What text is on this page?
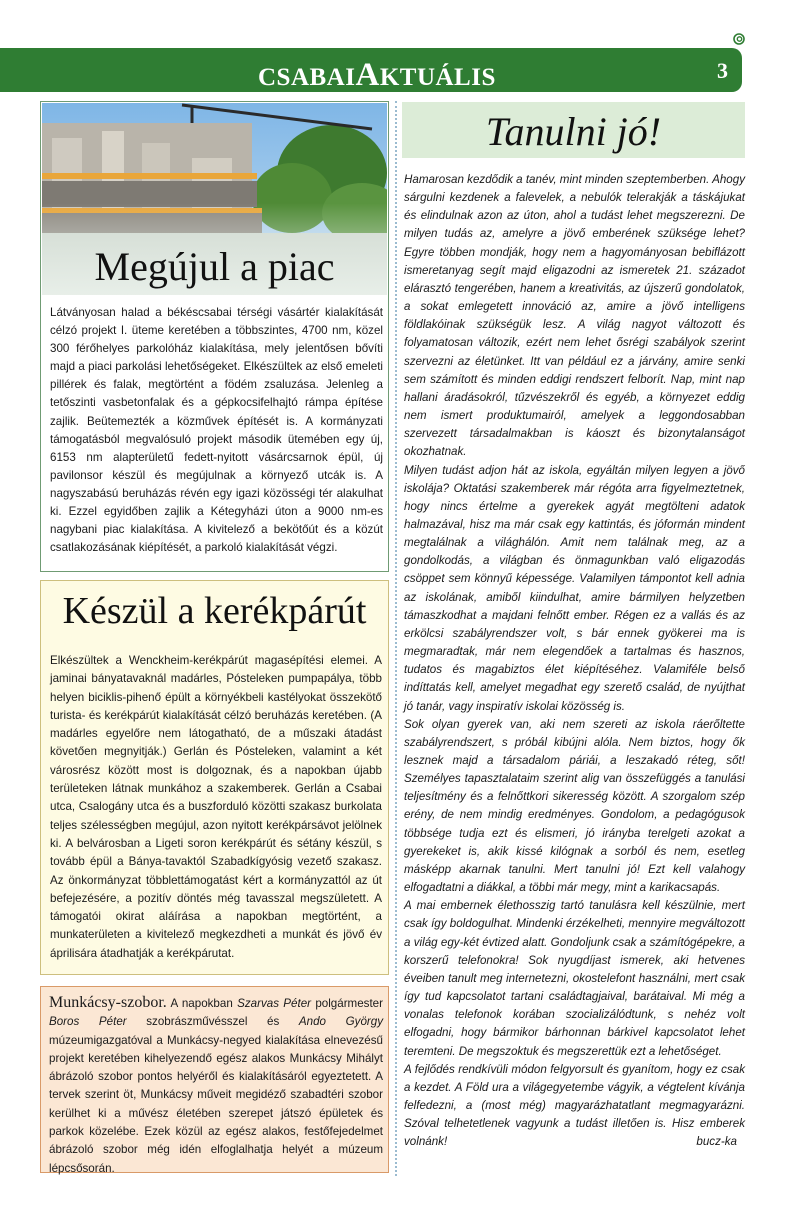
CSABAIAKTUÁLIS	3
Megújul a piac
Látványosan halad a békéscsabai térségi vásártér kialakítását célzó projekt I. üteme keretében a többszintes, 4700 nm, közel 300 férőhelyes parkolóház kialakítása, mely jelentősen bővíti majd a piaci parkolási lehetőségeket. Elkészültek az első emeleti pillérek és falak, megtörtént a födém zsaluzása. Jelenleg a tetőszinti vasbetonfalak és a gépkocsifelhajtó rámpa építése zajlik. Beütemezték a közművek építését is. A kormányzati támogatásból megvalósuló projekt második ütemében egy új, 6153 nm alapterületű fedett-nyitott vásárcsarnok épül, új pavilonsor készül és megújulnak a környező utcák is. A nagyszabású beruházás révén egy igazi közösségi tér alakulhat ki. Ezzel egyidőben zajlik a Kétegyházi úton a 9000 nm-es nagybani piac kialakítása. A kivitelező a bekötőút és a közút csatlakozásának kiépítését, a parkoló kialakítását végzi.
Készül a kerékpárút
Elkészültek a Wenckheim-kerékpárút magasépítési elemei. A jaminai bányatavaknál madárles, Pósteleken pumpapálya, több helyen biciklis-pihenő épült a környékbeli kastélyokat összekötő turista- és kerékpárút kialakítását célzó beruházás keretében. (A madárles egyelőre nem látogatható, de a műszaki átadást követően megnyitják.) Gerlán és Pósteleken, valamint a két városrész között most is dolgoznak, és a napokban újabb területeken látnak munkához a szakemberek. Gerlán a Csabai utca, Csalogány utca és a buszforduló közötti szakasz burkolata teljes szélességben megújul, azon nyitott kerékpársávot jelölnek ki. A belvárosban a Ligeti soron kerékpárút és sétány készül, s tovább épül a Bánya-tavaktól Szabadkígyósig vezető szakasz. Az önkormányzat többlettámogatást kért a kormányzattól az út befejezésére, a pozitív döntés még tavasszal megszületett. A támogatói okirat aláírása a napokban megtörtént, a munkaterületen a kivitelező megkezdheti a munkát és jövő év áprilisára átadhatják a kerékpárutat.
Munkácsy-szobor. A napokban Szarvas Péter polgármester Boros Péter szobrászművésszel és Ando György múzeumigazgatóval a Munkácsy-negyed kialakítása elnevezésű projekt keretében kihelyezendő egész alakos Munkácsy Mihályt ábrázoló szobor pontos helyéről és kialakításáról egyeztetett. A tervek szerint öt, Munkácsy műveit megidéző szabadtéri szobor kerülhet ki a művész életében szerepet játszó épületek és parkok közelébe. Ezek közül az egész alakos, festőfejedelmet ábrázoló szobor még idén elfoglalhatja helyét a múzeum lépcsősorán.
Tanulni jó!

Hamarosan kezdődik a tanév, mint minden szeptemberben. Ahogy sárgulni kezdenek a falevelek, a nebulók telerakják a táskájukat és elindulnak azon az úton, ahol a tudást lehet megszerezni. De milyen tudás az, amelyre a jövő emberének szüksége lehet? Egyre többen mondják, hogy nem a hagyományosan bebiflázott ismeretanyag segít majd eligazodni az ismeretek 21. századot elárasztó tengerében, hanem a kreativitás, az újszerű gondolatok, a sokat emlegetett innováció az, amire a jövő intelligens földlakóinak szükségük lesz. A világ nagyot változott és folyamatosan változik, ezért nem lehet ősrégi szabályok szerint szervezni az életünket. Itt van például ez a járvány, amire senki sem számított és minden eddigi rendszert felborít. Nap, mint nap hallani áradásokról, tűzvészekről és egyéb, a környezet eddig nem ismert produktumairól, amelyek a leggondosabban szervezett társadalmakban is káoszt és bizonytalanságot okozhatnak.

Milyen tudást adjon hát az iskola, egyáltán milyen legyen a jövő iskolája? Oktatási szakemberek már régóta arra figyelmeztetnek, hogy nincs értelme a gyerekek agyát megtölteni adatok halmazával, hisz ma már csak egy kattintás, és jóformán mindent megtalálnak a világhálón. Amit nem találnak meg, az a gondolkodás, a világban és önmagunkban való eligazodás csöppet sem könnyű képessége. Valamilyen támpontot kell adnia az iskolának, amiből kiindulhat, amire bármilyen helyzetben támaszkodhat a majdani felnőtt ember. Régen ez a vallás és az erkölcsi szabályrendszer volt, s bár ennek gyökerei ma is megmaradtak, már nem elegendőek a tartalmas és hasznos, tudatos és magabiztos élet kiépítéséhez. Valamiféle belső indíttatás kell, amelyet megadhat egy szerető család, de nyújthat jó tanár, vagy inspiratív iskolai közösség is.

Sok olyan gyerek van, aki nem szereti az iskola ráerőltette szabályrendszert, s próbál kibújni alóla. Nem biztos, hogy ők lesznek majd a társadalom páriái, a leszakadó réteg, sőt! Személyes tapasztalataim szerint alig van összefüggés a tanulási teljesítmény és a felnőttkori sikeresség között. A szorgalom szép erény, de nem mindig eredményes. Gondolom, a pedagógusok többsége tudja ezt és elismeri, jó irányba terelgeti azokat a gyerekeket is, akik kissé kilógnak a sorból és nem, esetleg másképp akarnak tanulni. Mert tanulni jó! Ezt kell valahogy elfogadtatni a diákkal, a többi már megy, mint a karikacsapás.

A mai embernek élethosszig tartó tanulásra kell készülnie, mert csak így boldogulhat. Mindenki érzékelheti, mennyire megváltozott a világ egy-két évtized alatt. Gondoljunk csak a számítógépekre, a korszerű telefonokra! Sok nyugdíjast ismerek, aki hetvenes éveiben tanult meg internetezni, okostelefont használni, mert csak így tud kapcsolatot tartani családtagjaival, barátaival. Mi még a vonalas telefonok korában szocializálódtunk, s nehéz volt elfogadni, hogy bármikor bárhonnan bárkivel kapcsolatot lehet teremteni. De megszoktuk és megszerettük ezt a lehetőséget.

A fejlődés rendkívüli módon felgyorsult és gyanítom, hogy ez csak a kezdet. A Föld ura a világegyetembe vágyik, a végtelent kívánja felfedezni, a (most még) magyarázhatatlant megmagyarázni. Szóval telhetetlenek vagyunk a tudást illetően is. Hisz emberek volnánk!	bucz-ka
